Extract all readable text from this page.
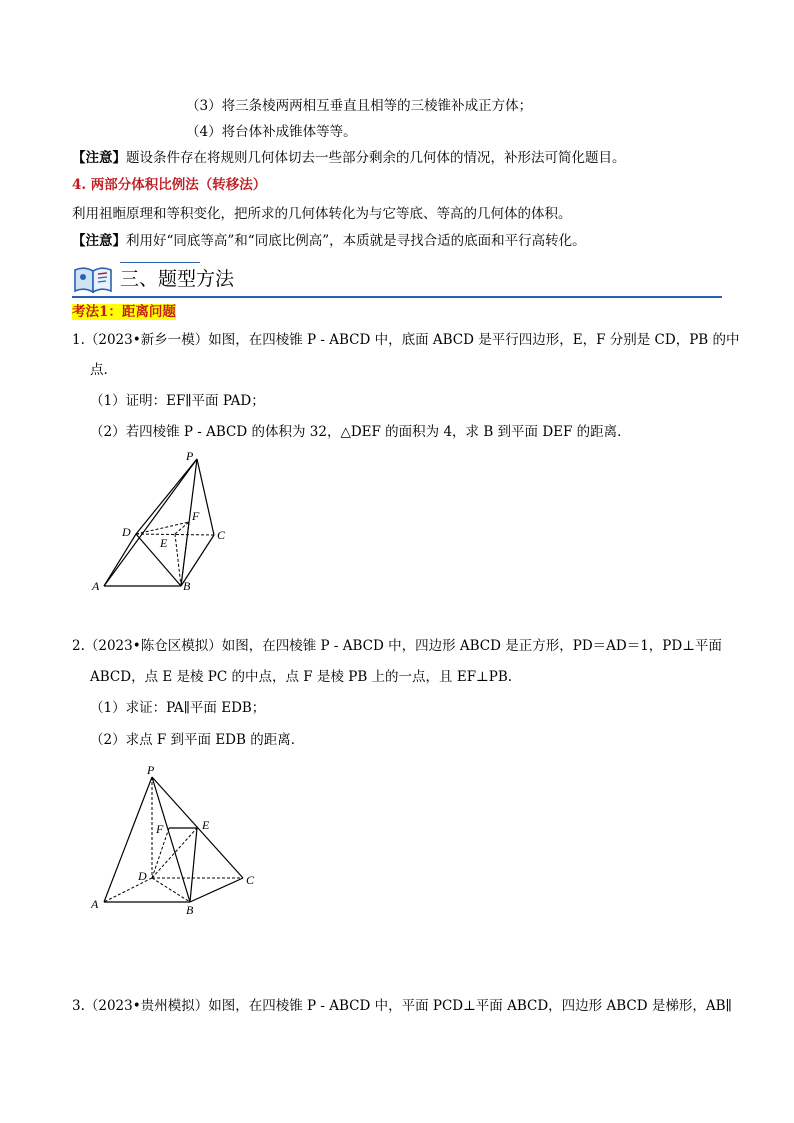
（3）将三条棱两两相互垂直且相等的三棱锥补成正方体；
（4）将台体补成锥体等等。
【注意】题设条件存在将规则几何体切去一些部分剩余的几何体的情况，补形法可简化题目。
4. 两部分体积比例法（转移法）
利用祖暅原理和等积变化，把所求的几何体转化为与它等底、等高的几何体的体积。
【注意】利用好“同底等高”和“同底比例高”，本质就是寻找合适的底面和平行高转化。
三、题型方法
考法1：距离问题
1.（2023•新乡一模）如图，在四棱锥 P - ABCD 中，底面 ABCD 是平行四边形，E，F 分别是 CD，PB 的中
点.
（1）证明：EF∥平面 PAD；
（2）若四棱锥 P - ABCD 的体积为 32，△DEF 的面积为 4，求 B 到平面 DEF 的距离．
P
D
F
C
E
A	B
2.（2023•陈仓区模拟）如图，在四棱锥 P - ABCD 中，四边形 ABCD 是正方形，PD＝AD＝1，PD⊥平面
ABCD，点 E 是棱 PC 的中点，点 F 是棱 PB 上的一点，且 EF⊥PB.
（1）求证：PA∥平面 EDB；
（2）求点 F 到平面 EDB 的距离．
P
F	E
D	C
A	B
3.（2023•贵州模拟）如图，在四棱锥 P - ABCD 中，平面 PCD⊥平面 ABCD，四边形 ABCD 是梯形，AB∥
